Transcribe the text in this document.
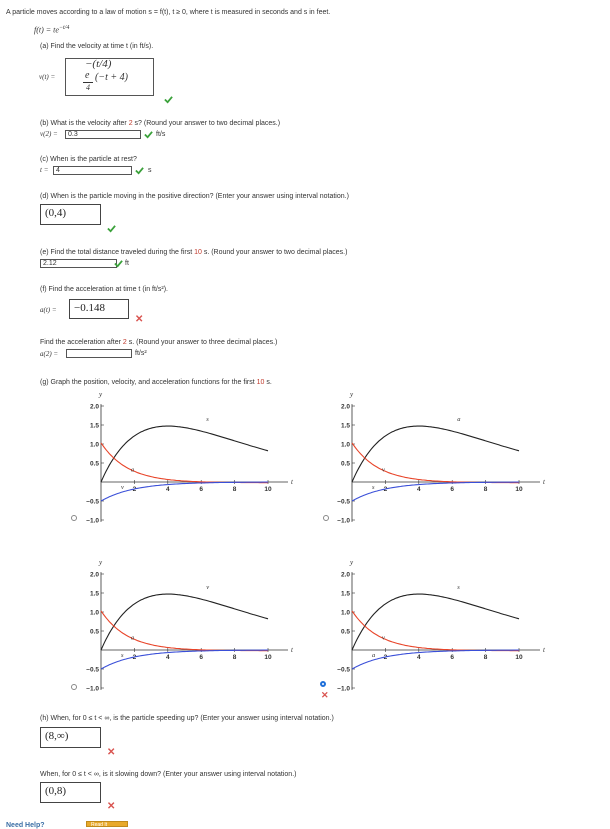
A particle moves according to a law of motion s = f(t), t ≥ 0, where t is measured in seconds and s in feet.
$f(t) = te^{-t/4}$
(a) Find the velocity at time t (in ft/s).
v(t) =
−(t/4)
e
4
(−t + 4)
(b) What is the velocity after 2 s? (Round your answer to two decimal places.)
v(2) =	0.3	ft/s
(c) When is the particle at rest?
t =	4	s
(d) When is the particle moving in the positive direction? (Enter your answer using interval notation.)
(0,4)
(e) Find the total distance traveled during the first 10 s. (Round your answer to two decimal places.)
2.12	ft
(f) Find the acceleration at time t (in ft/s²).
a(t) =	−0.148
✕
Find the acceleration after 2 s. (Round your answer to three decimal places.)
a(2) =	ft/s²
(g) Graph the position, velocity, and acceleration functions for the first 10 s.
y
t
2.0
1.5
1.0
0.5
−0.5
−1.0
2	4	6	8	10
s
a
v
y
t
2.0
1.5
1.0
0.5
−0.5
−1.0
2	4	6	8	10
a
v
s
y
t
2.0
1.5
1.0
0.5
−0.5
−1.0
2	4	6	8	10
v
a
s
y
t
2.0
1.5
1.0
0.5
−0.5
−1.0
2	4	6	8	10
s
v
a
✕
(h) When, for 0 ≤ t < ∞, is the particle speeding up? (Enter your answer using interval notation.)
(8,∞)
✕
When, for 0 ≤ t < ∞, is it slowing down? (Enter your answer using interval notation.)
(0,8)
✕
Need Help?	Read It
